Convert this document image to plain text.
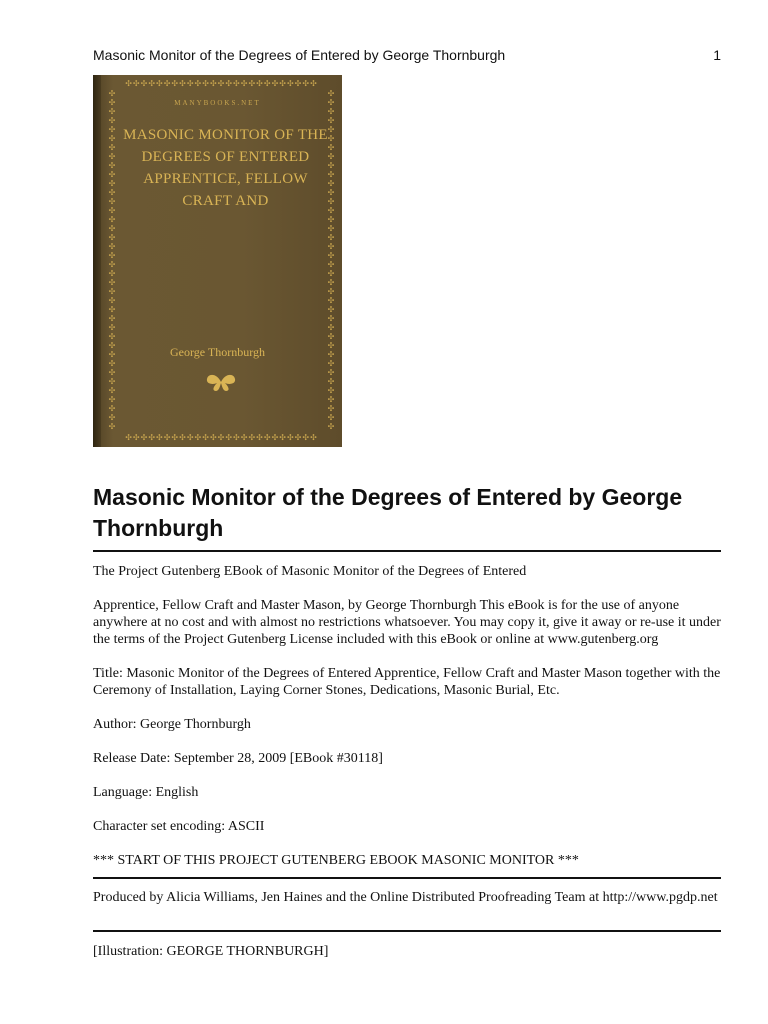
Masonic Monitor of the Degrees of Entered by George Thornburgh	1
✣✣✣✣✣✣✣✣✣✣✣✣✣✣✣✣✣✣✣✣✣✣✣✣✣
✣✣✣✣✣✣✣✣✣✣✣✣✣✣✣✣✣✣✣✣✣✣✣✣✣
✣✣✣✣✣✣✣✣✣✣✣✣✣✣✣✣✣✣✣✣✣✣✣✣✣✣✣✣✣✣✣✣✣✣✣✣✣✣
✣✣✣✣✣✣✣✣✣✣✣✣✣✣✣✣✣✣✣✣✣✣✣✣✣✣✣✣✣✣✣✣✣✣✣✣✣✣
MANYBOOKS.NET
MASONIC MONITOR OF THE DEGREES OF ENTERED APPRENTICE, FELLOW CRAFT AND
George Thornburgh
Masonic Monitor of the Degrees of Entered by George Thornburgh

The Project Gutenberg EBook of Masonic Monitor of the Degrees of Entered

Apprentice, Fellow Craft and Master Mason, by George Thornburgh This eBook is for the use of anyone anywhere at no cost and with almost no restrictions whatsoever. You may copy it, give it away or re-use it under the terms of the Project Gutenberg License included with this eBook or online at www.gutenberg.org

Title: Masonic Monitor of the Degrees of Entered Apprentice, Fellow Craft and Master Mason together with the Ceremony of Installation, Laying Corner Stones, Dedications, Masonic Burial, Etc.

Author: George Thornburgh

Release Date: September 28, 2009 [EBook #30118]

Language: English

Character set encoding: ASCII

*** START OF THIS PROJECT GUTENBERG EBOOK MASONIC MONITOR ***

Produced by Alicia Williams, Jen Haines and the Online Distributed Proofreading Team at http://www.pgdp.net

[Illustration: GEORGE THORNBURGH]
